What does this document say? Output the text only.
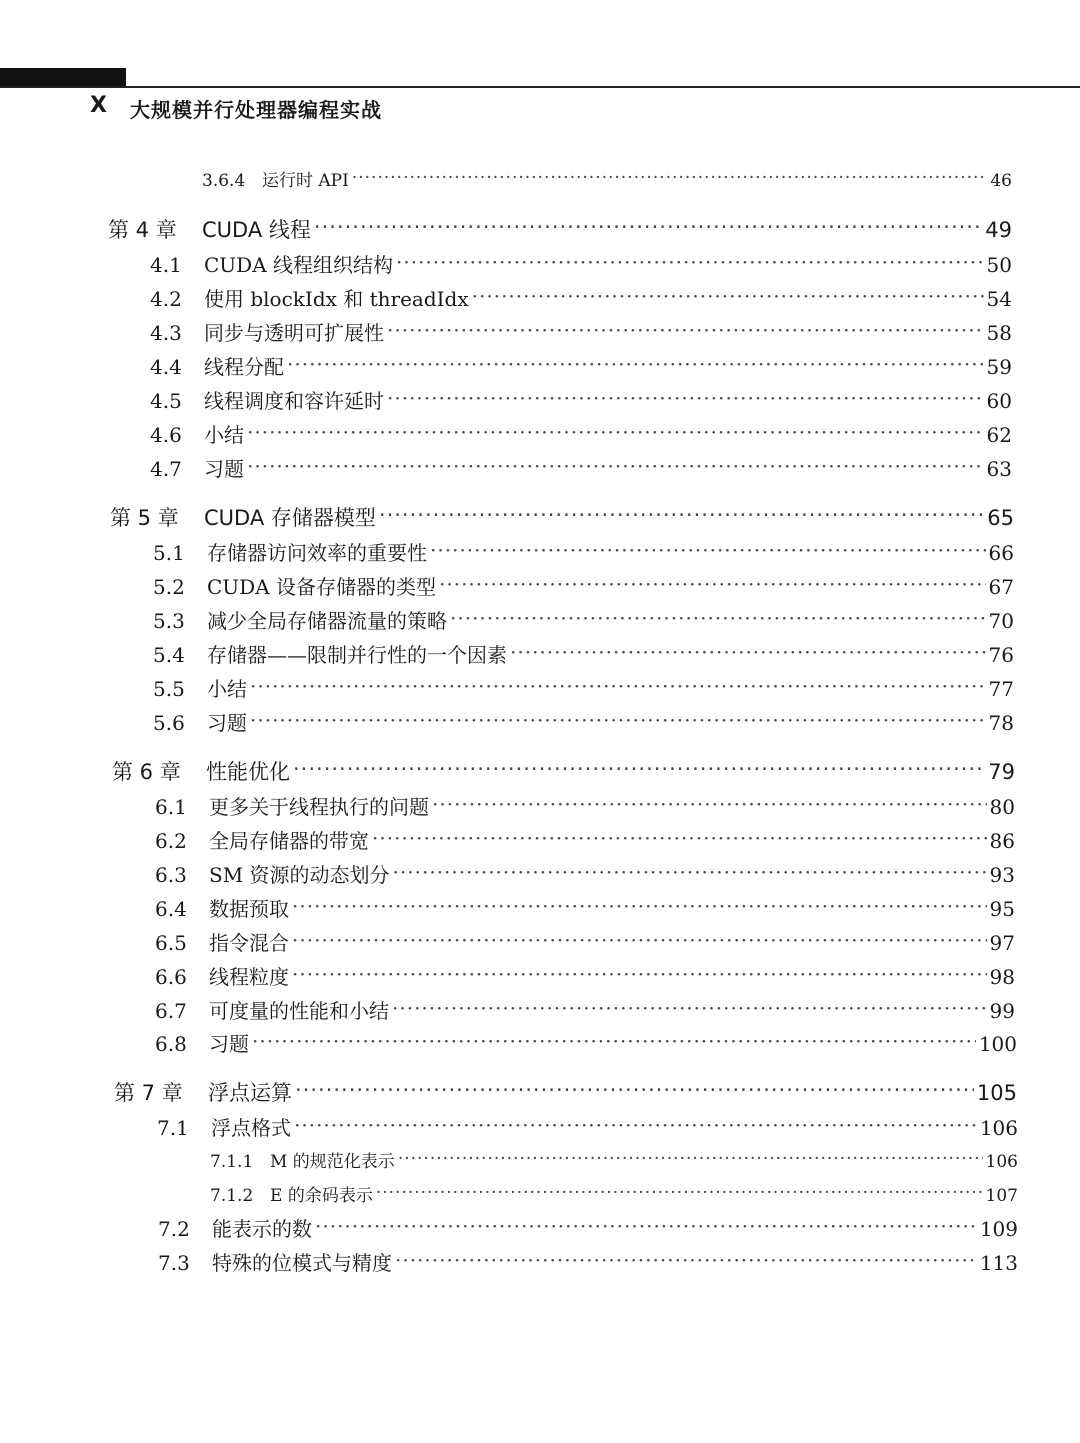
X 大规模并行处理器编程实战
3.6.4 运行时 API ·····	46
第 4 章	CUDA 线程 ·····	49
4.1	CUDA 线程组织结构 ·····	50
4.2	使用 blockIdx 和 threadIdx ·····	54
4.3	同步与透明可扩展性 ·····	58
4.4	线程分配 ·····	59
4.5	线程调度和容许延时 ·····	60
4.6	小结 ·····	62
4.7	习题 ·····	63
第 5 章	CUDA 存储器模型 ·····	65
5.1	存储器访问效率的重要性 ·····	66
5.2	CUDA 设备存储器的类型 ·····	67
5.3	减少全局存储器流量的策略 ·····	70
5.4	存储器——限制并行性的一个因素 ·····	76
5.5	小结 ·····	77
5.6	习题 ·····	78
第 6 章	性能优化 ·····	79
6.1	更多关于线程执行的问题 ·····	80
6.2	全局存储器的带宽 ·····	86
6.3	SM 资源的动态划分 ·····	93
6.4	数据预取 ·····	95
6.5	指令混合 ·····	97
6.6	线程粒度 ·····	98
6.7	可度量的性能和小结 ·····	99
6.8	习题 ·····	100
第 7 章	浮点运算 ·····	105
7.1	浮点格式 ·····	106
7.1.1 M 的规范化表示 ·····	106
7.1.2 E 的余码表示 ·····	107
7.2	能表示的数 ·····	109
7.3	特殊的位模式与精度 ·····	113
